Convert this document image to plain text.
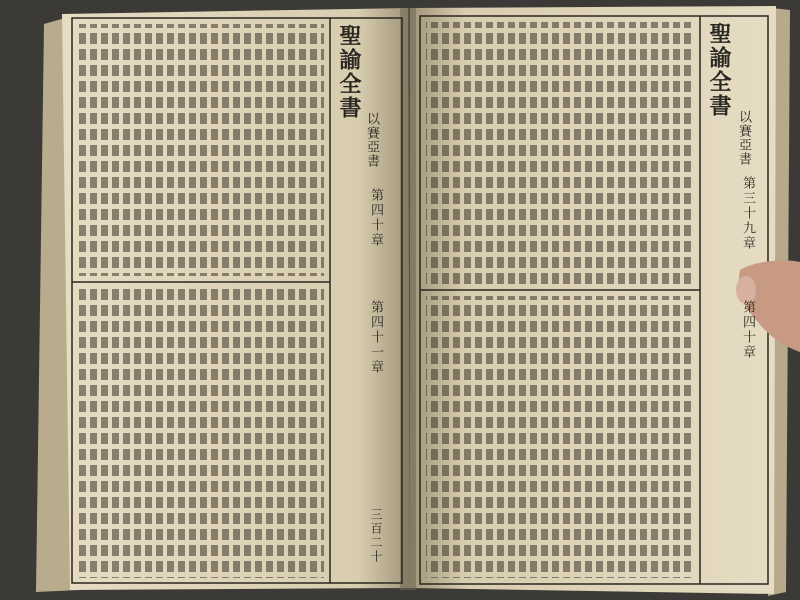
聖諭全書
以賽亞書
第四十章
第四十一章
三百二十
聖諭全書
以賽亞書
第三十九章
第四十章
